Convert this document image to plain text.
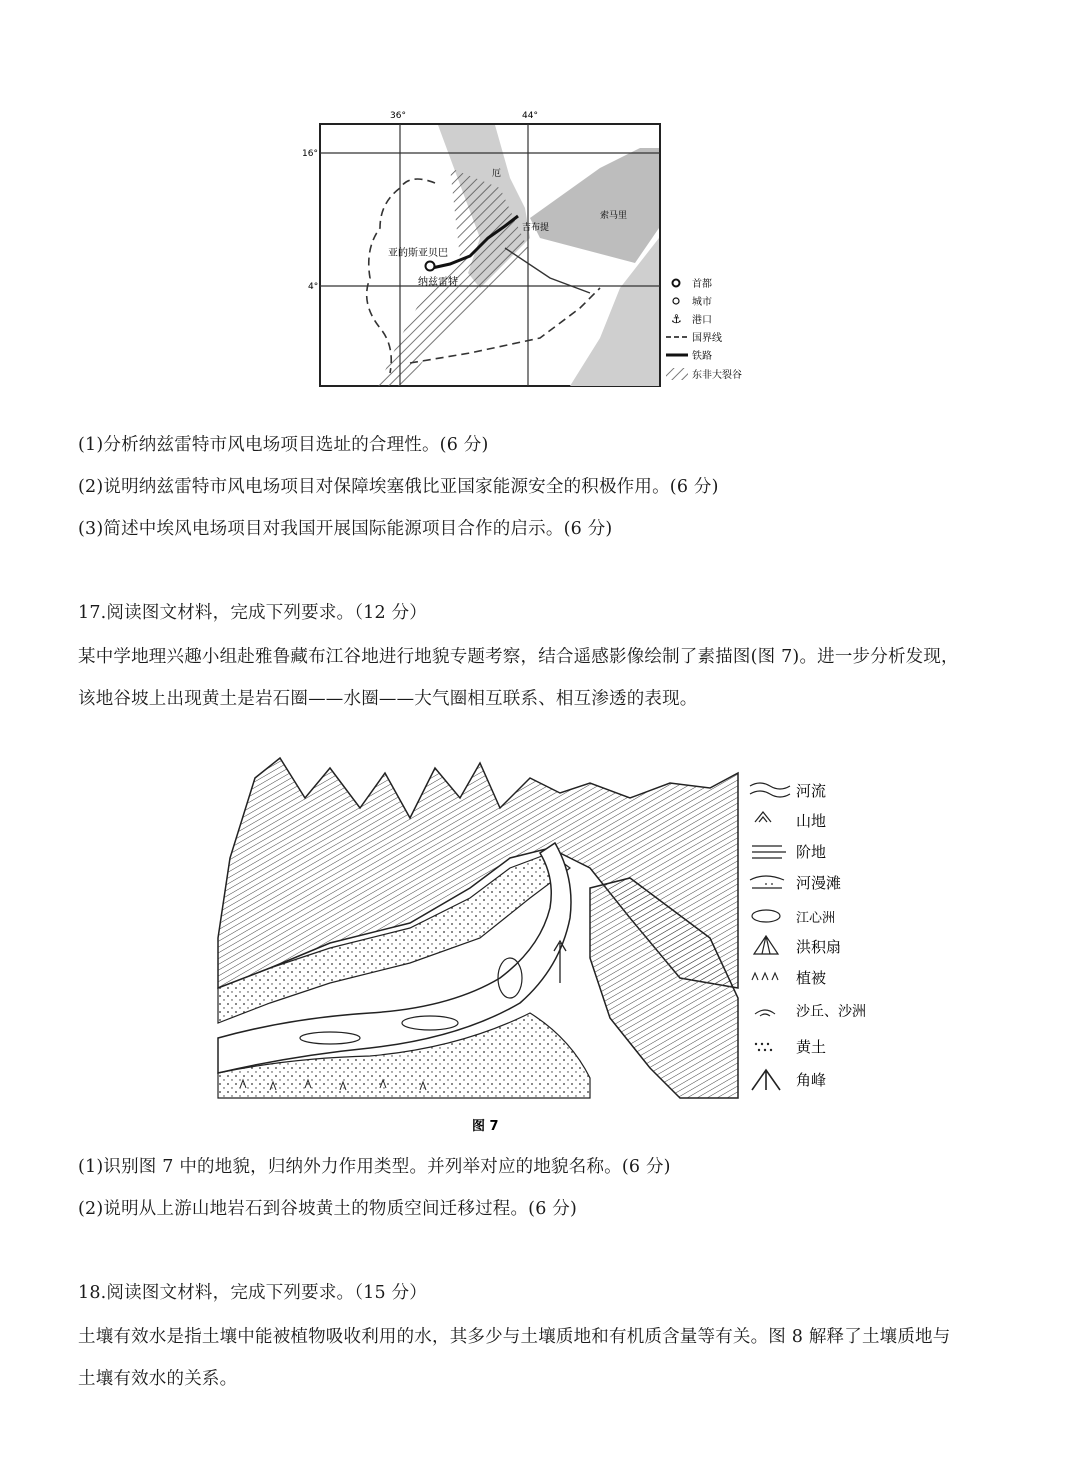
36°	44°
16°
4°
亚的斯亚贝巴
纳兹雷特
吉布提
索马里
厄
首都
城市
⚓ 港口
国界线
铁路
东非大裂谷
(1)分析纳兹雷特市风电场项目选址的合理性。(6 分)
(2)说明纳兹雷特市风电场项目对保障埃塞俄比亚国家能源安全的积极作用。(6 分)
(3)简述中埃风电场项目对我国开展国际能源项目合作的启示。(6 分)
17.阅读图文材料，完成下列要求。（12 分）
某中学地理兴趣小组赴雅鲁藏布江谷地进行地貌专题考察，结合遥感影像绘制了素描图(图 7)。进一步分析发现，
该地谷坡上出现黄土是岩石圈——水圈——大气圈相互联系、相互渗透的表现。
河流
山地
阶地
河漫滩
江心洲
洪积扇
植被
沙丘、沙洲
黄土
角峰
图 7
(1)识别图 7 中的地貌，归纳外力作用类型。并列举对应的地貌名称。(6 分)
(2)说明从上游山地岩石到谷坡黄土的物质空间迁移过程。(6 分)
18.阅读图文材料，完成下列要求。（15 分）
土壤有效水是指土壤中能被植物吸收利用的水，其多少与土壤质地和有机质含量等有关。图 8 解释了土壤质地与
土壤有效水的关系。
